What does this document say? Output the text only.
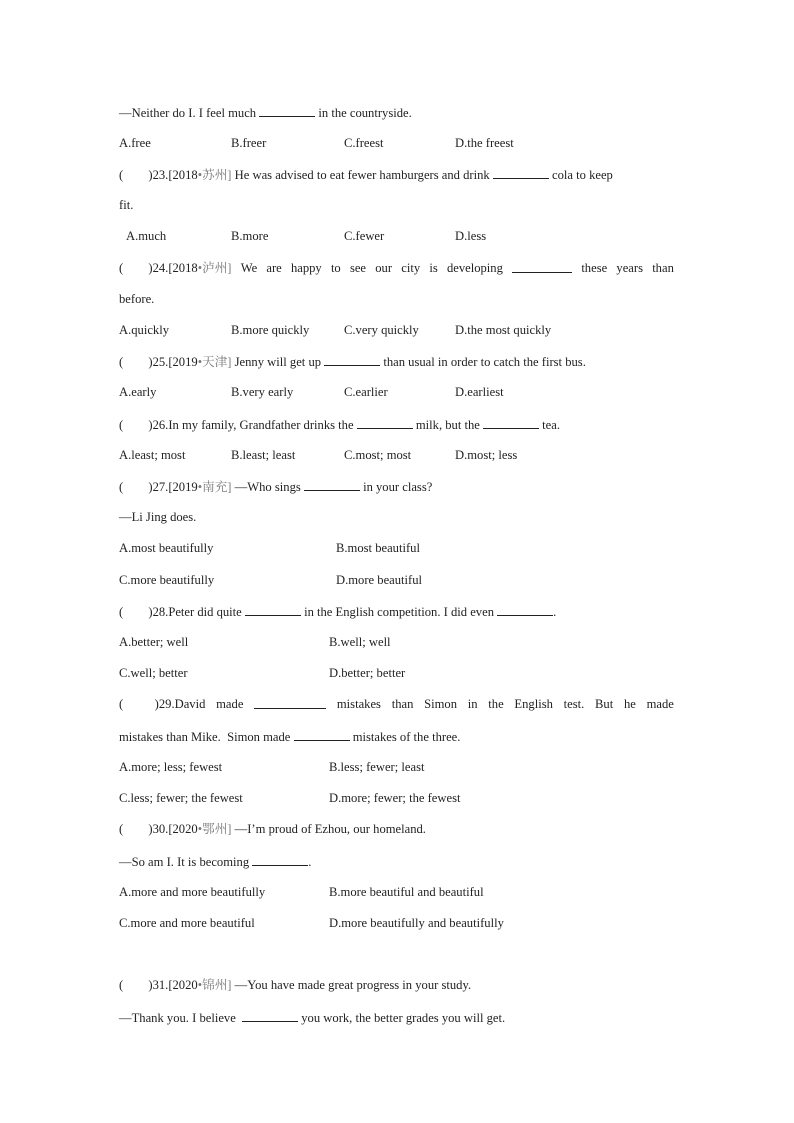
—Neither do I. I feel much	in the countryside.
A.free	B.freer	C.freest	D.the freest
(        )23.[2018•苏州] He was advised to eat fewer hamburgers and drink	cola to keep
fit.
A.much	B.more	C.fewer	D.less
(        )24.[2018•泸州] We are happy to see our city is developing	these years than
before.
A.quickly	B.more quickly	C.very quickly	D.the most quickly
(        )25.[2019•天津] Jenny will get up	than usual in order to catch the first bus.
A.early	B.very early	C.earlier	D.earliest
(        )26.In my family, Grandfather drinks the	milk, but the	tea.
A.least; most	B.least; least	C.most; most	D.most; less
(        )27.[2019•南充] —Who sings	in your class?
—Li Jing does.
A.most beautifully	B.most beautiful
C.more beautifully	D.more beautiful
(        )28.Peter did quite	in the English competition. I did even	.
A.better; well	B.well; well
C.well; better	D.better; better
(          )29.David made	mistakes than Simon in the English test. But he made
mistakes than Mike.  Simon made	mistakes of the three.
A.more; less; fewest	B.less; fewer; least
C.less; fewer; the fewest	D.more; fewer; the fewest
(        )30.[2020•鄂州] —I’m proud of Ezhou, our homeland.
—So am I. It is becoming	.
A.more and more beautifully	B.more beautiful and beautiful
C.more and more beautiful	D.more beautifully and beautifully
(        )31.[2020•锦州] —You have made great progress in your study.
—Thank you. I believe	you work, the better grades you will get.
